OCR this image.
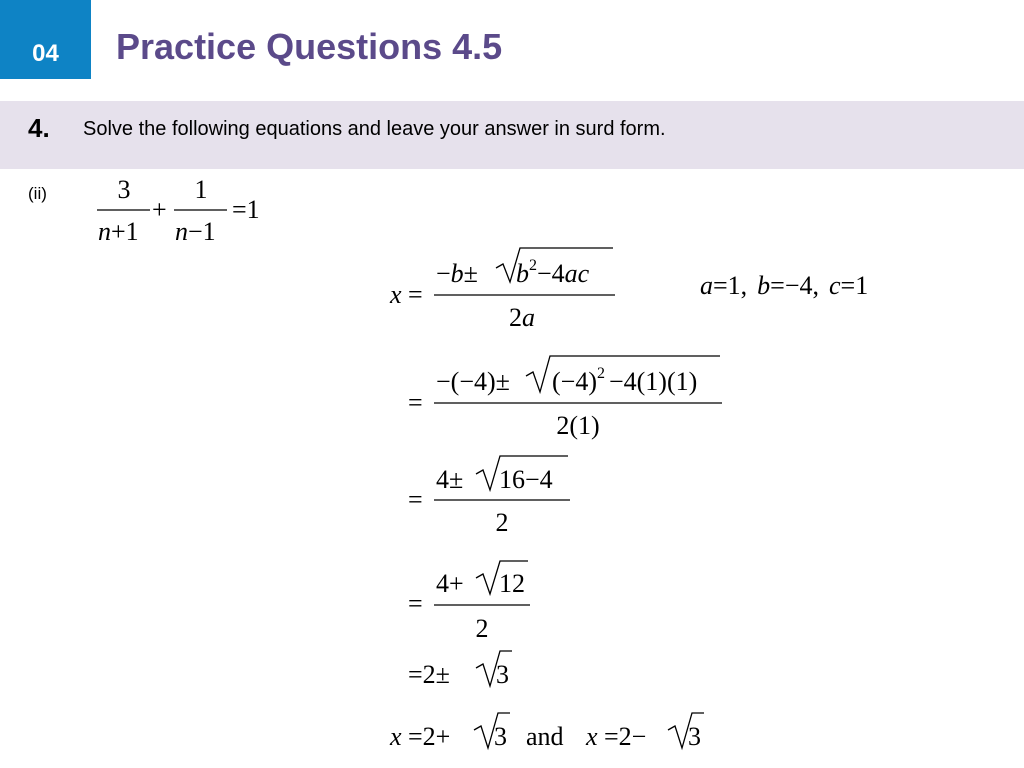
04 Practice Questions 4.5
4. Solve the following equations and leave your answer in surd form.
(ii)	3
n+1
+
1
n−1
=1
x =
$-b\pm b^2-4ac$
2a
a=1, b=−4, c=1
=
$-(-4)\pm (-4)^2 -4(1)(1)$
2(1)
=
4± 16−4
2
=
4+ 12
2
=2± 3
x =2+ 3 and x =2− 3
